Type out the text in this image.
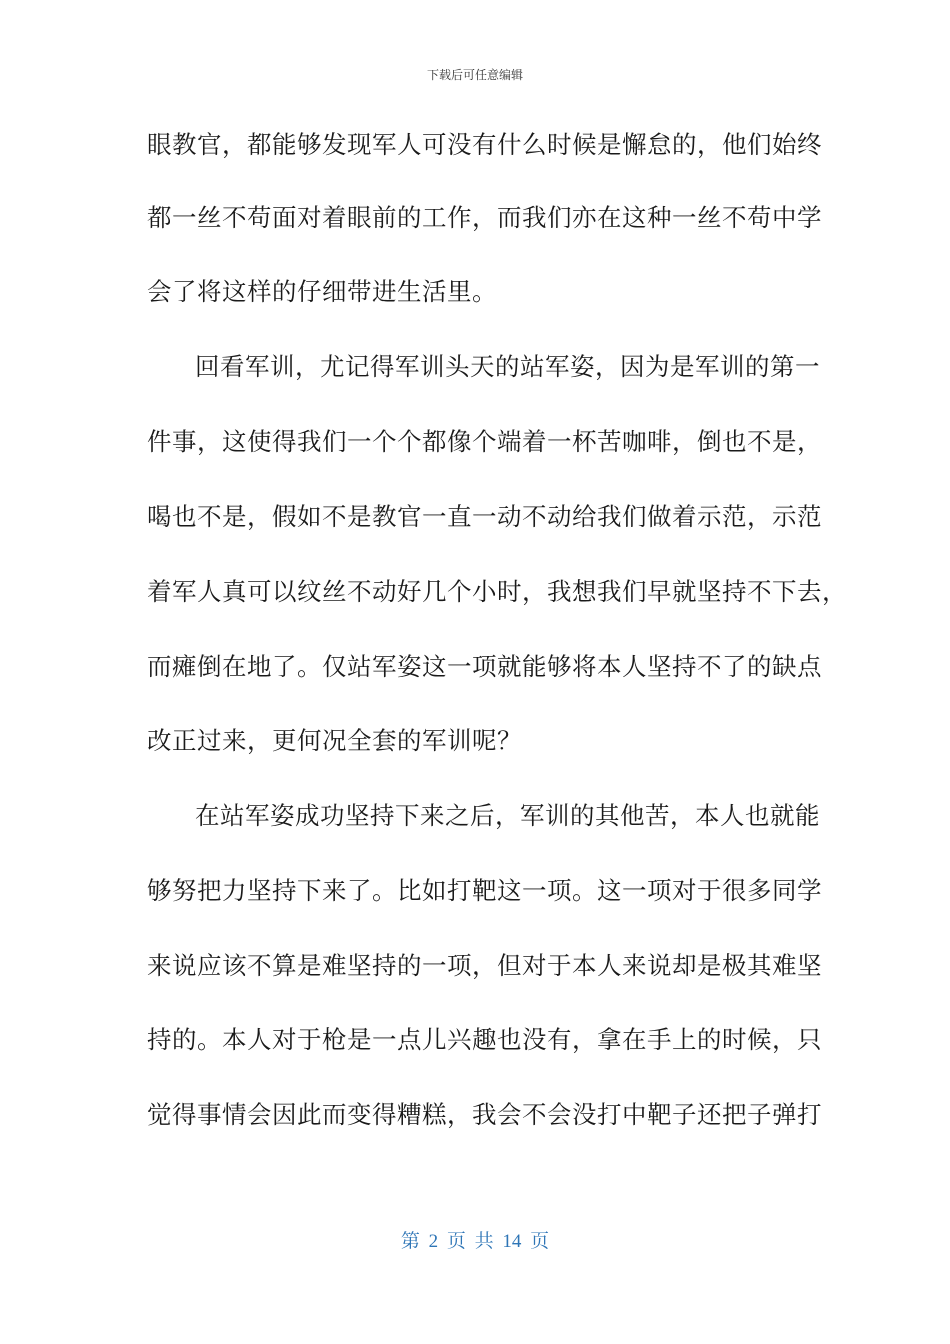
下载后可任意编辑
眼教官，都能够发现军人可没有什么时候是懈怠的，他们始终
都一丝不苟面对着眼前的工作，而我们亦在这种一丝不苟中学
会了将这样的仔细带进生活里。
回看军训，尤记得军训头天的站军姿，因为是军训的第一
件事，这使得我们一个个都像个端着一杯苦咖啡，倒也不是，
喝也不是，假如不是教官一直一动不动给我们做着示范，示范
着军人真可以纹丝不动好几个小时，我想我们早就坚持不下去，
而瘫倒在地了。仅站军姿这一项就能够将本人坚持不了的缺点
改正过来，更何况全套的军训呢？
在站军姿成功坚持下来之后，军训的其他苦，本人也就能
够努把力坚持下来了。比如打靶这一项。这一项对于很多同学
来说应该不算是难坚持的一项，但对于本人来说却是极其难坚
持的。本人对于枪是一点儿兴趣也没有，拿在手上的时候，只
觉得事情会因此而变得糟糕，我会不会没打中靶子还把子弹打
第 2 页 共 14 页
